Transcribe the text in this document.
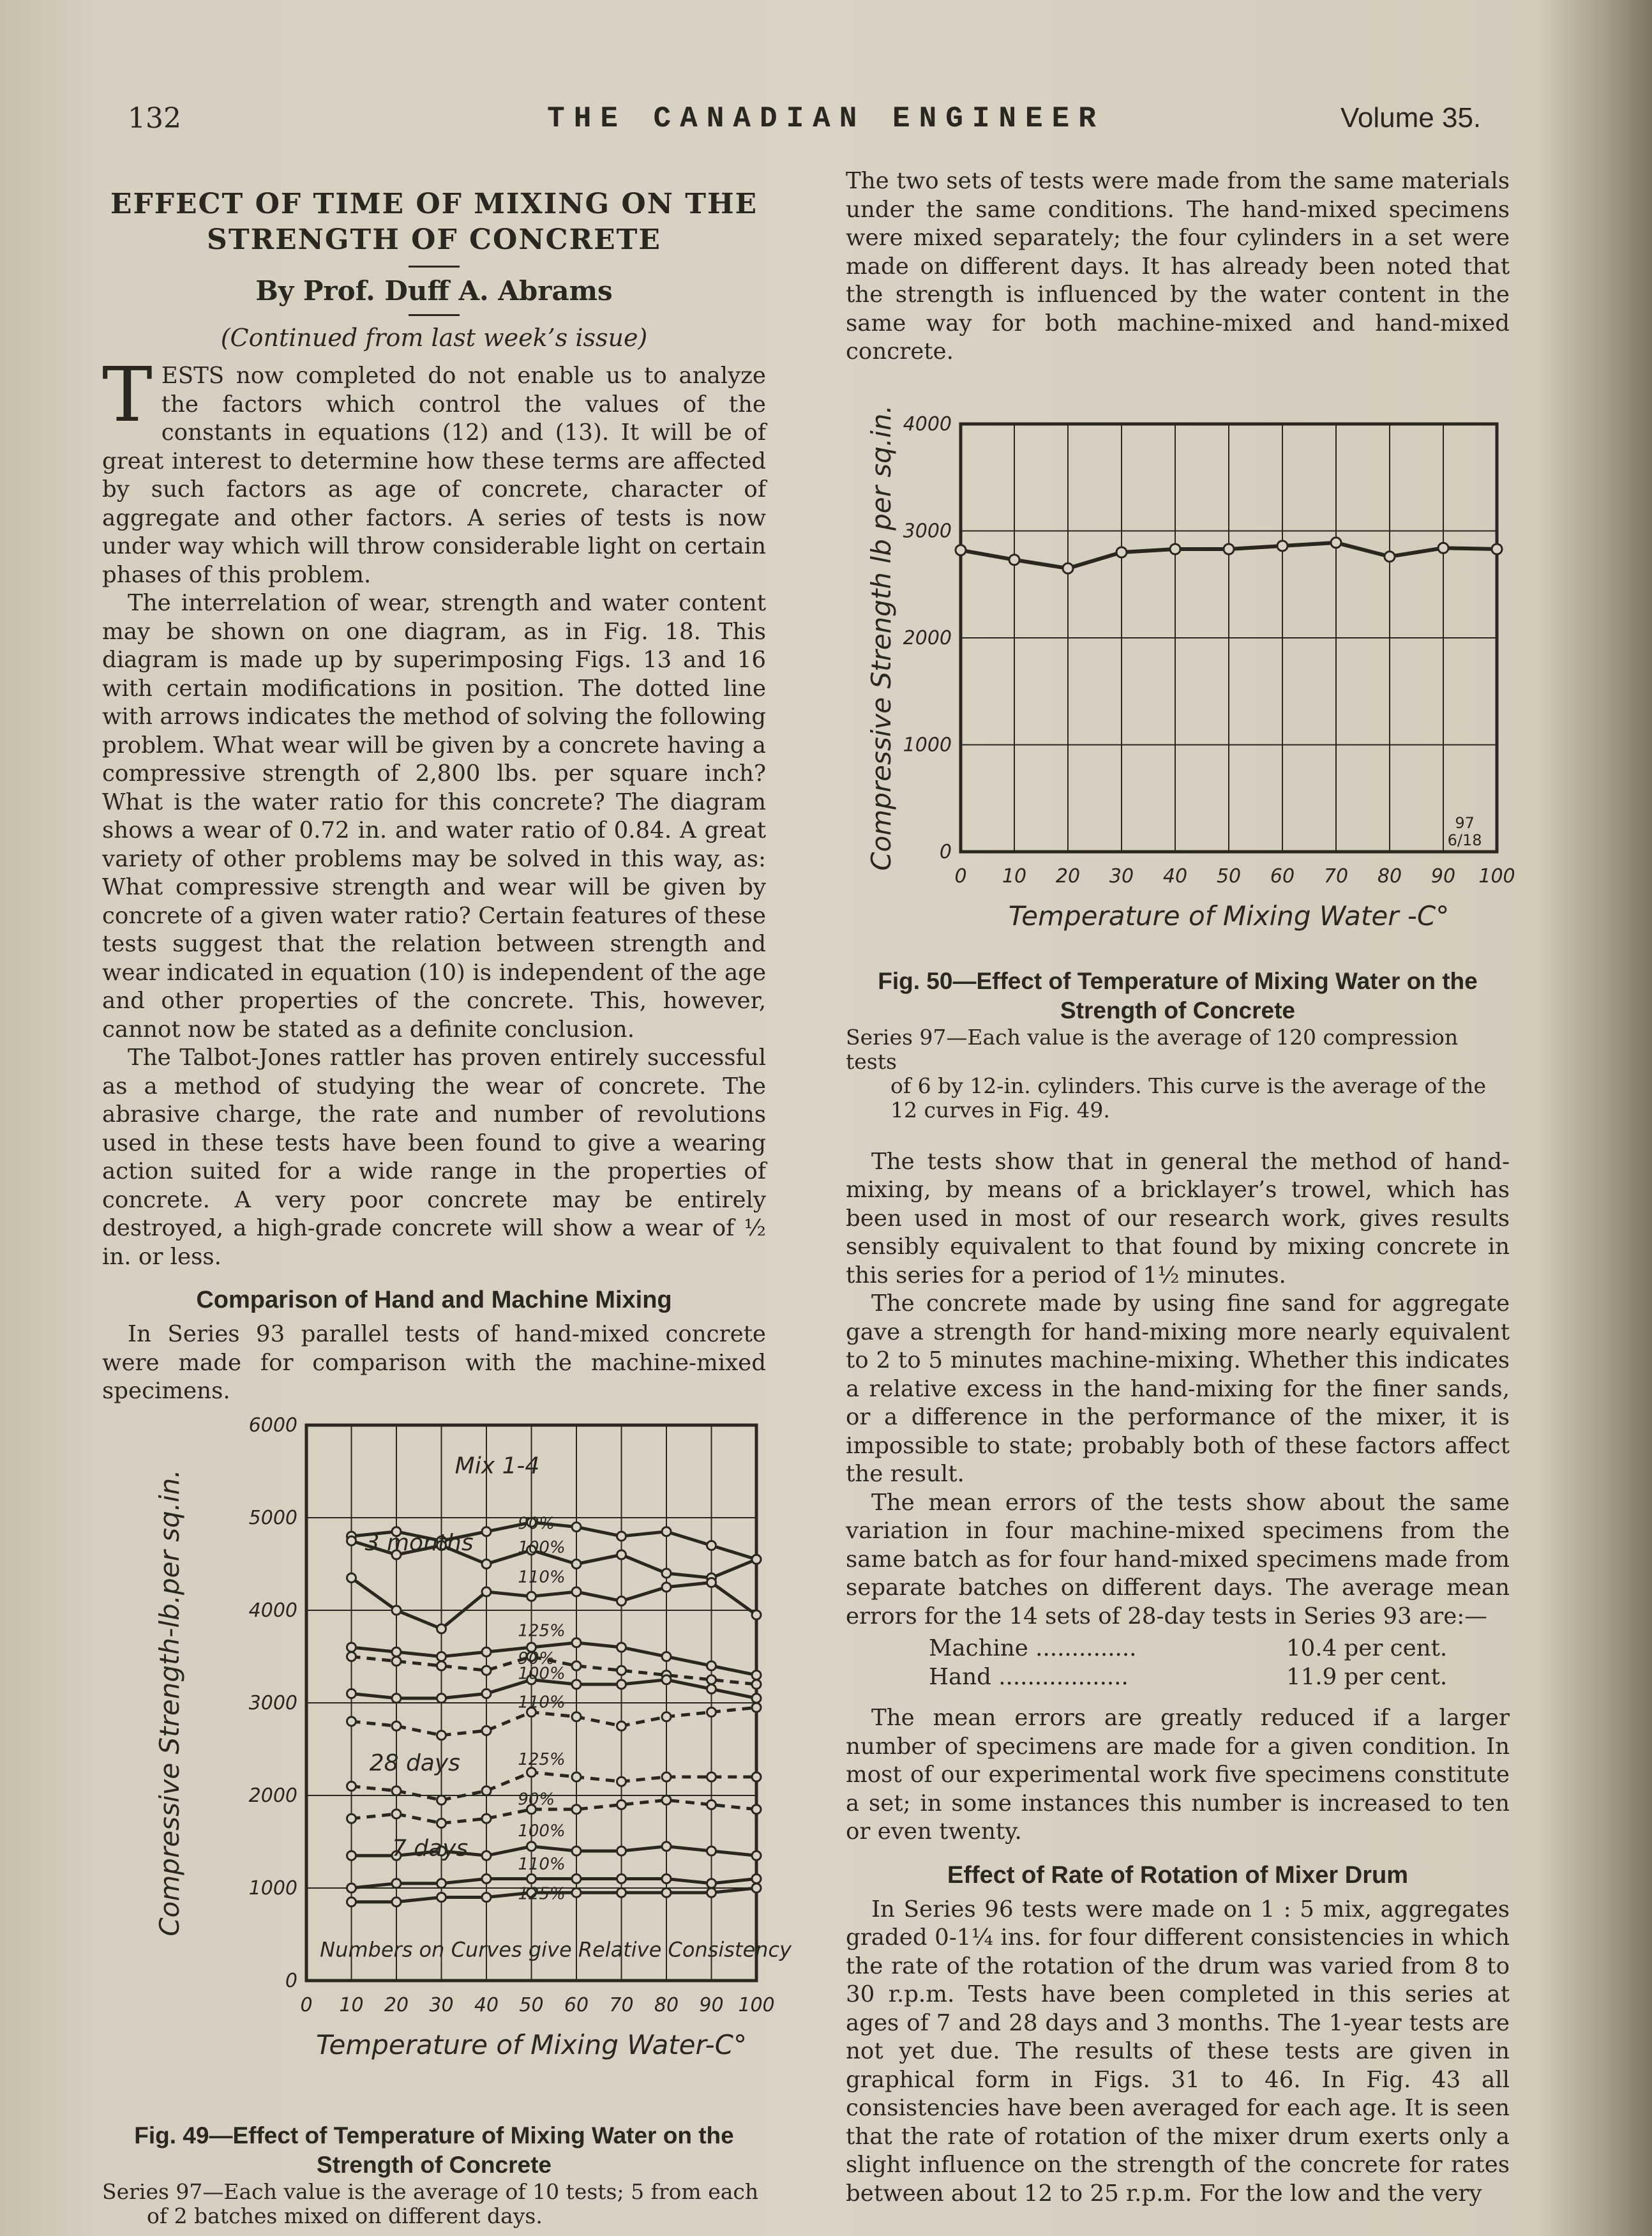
132	THE CANADIAN ENGINEER	Volume 35.
EFFECT OF TIME OF MIXING ON THE
STRENGTH OF CONCRETE
By Prof. Duff A. Abrams
(Continued from last week’s issue)

TESTS now completed do not enable us to analyze the factors which control the values of the constants in equations (12) and (13). It will be of great interest to determine how these terms are affected by such factors as age of concrete, character of aggregate and other factors. A series of tests is now under way which will throw considerable light on certain phases of this problem.

The interrelation of wear, strength and water content may be shown on one diagram, as in Fig. 18. This diagram is made up by superimposing Figs. 13 and 16 with certain modifications in position. The dotted line with arrows indicates the method of solving the following problem. What wear will be given by a concrete having a compressive strength of 2,800 lbs. per square inch? What is the water ratio for this concrete? The diagram shows a wear of 0.72 in. and water ratio of 0.84. A great variety of other problems may be solved in this way, as: What compressive strength and wear will be given by concrete of a given water ratio? Certain features of these tests suggest that the relation between strength and wear indicated in equation (10) is independent of the age and other properties of the concrete. This, however, cannot now be stated as a definite conclusion.

The Talbot-Jones rattler has proven entirely successful as a method of studying the wear of concrete. The abrasive charge, the rate and number of revolutions used in these tests have been found to give a wearing action suited for a wide range in the properties of concrete. A very poor concrete may be entirely destroyed, a high-grade concrete will show a wear of ½ in. or less.

Comparison of Hand and Machine Mixing

In Series 93 parallel tests of hand-mixed concrete were made for comparison with the machine-mixed specimens.

0 10 20 30 40 50 60 70 80 90 100
0
1000
2000
3000
4000
5000
6000
Temperature of Mixing Water-C°
Compressive Strength-lb.per sq.in.
Mix 1-4
3 months
28 days
7 days
90%
100%
110%
125%
90%
100%
110%
125%
90%
100%
110%
125%
Numbers on Curves give Relative Consistency
Fig. 49—Effect of Temperature of Mixing Water on the Strength of Concrete

Series 97—Each value is the average of 10 tests; 5 from each
of 2 batches mixed on different days.

The two sets of tests were made from the same materials under the same conditions. The hand-mixed specimens were mixed separately; the four cylinders in a set were made on different days. It has already been noted that the strength is influenced by the water content in the same way for both machine-mixed and hand-mixed concrete.

0 10 20 30 40 50 60 70 80 90 100
0
1000
2000
3000
4000
Temperature of Mixing Water -C°
Compressive Strength lb per sq.in.	97
6/18
Fig. 50—Effect of Temperature of Mixing Water on the Strength of Concrete

Series 97—Each value is the average of 120 compression tests
of 6 by 12-in. cylinders. This curve is the average of the
12 curves in Fig. 49.

The tests show that in general the method of hand-mixing, by means of a bricklayer’s trowel, which has been used in most of our research work, gives results sensibly equivalent to that found by mixing concrete in this series for a period of 1½ minutes.

The concrete made by using fine sand for aggregate gave a strength for hand-mixing more nearly equivalent to 2 to 5 minutes machine-mixing. Whether this indicates a relative excess in the hand-mixing for the finer sands, or a difference in the performance of the mixer, it is impossible to state; probably both of these factors affect the result.

The mean errors of the tests show about the same variation in four machine-mixed specimens from the same batch as for four hand-mixed specimens made from separate batches on different days. The average mean errors for the 14 sets of 28-day tests in Series 93 are:—

Machine ..............	10.4 per cent.
Hand ..................	11.9 per cent.

The mean errors are greatly reduced if a larger number of specimens are made for a given condition. In most of our experimental work five specimens constitute a set; in some instances this number is increased to ten or even twenty.

Effect of Rate of Rotation of Mixer Drum

In Series 96 tests were made on 1 : 5 mix, aggregates graded 0-1¼ ins. for four different consistencies in which the rate of the rotation of the drum was varied from 8 to 30 r.p.m. Tests have been completed in this series at ages of 7 and 28 days and 3 months. The 1-year tests are not yet due. The results of these tests are given in graphical form in Figs. 31 to 46. In Fig. 43 all consistencies have been averaged for each age. It is seen that the rate of rotation of the mixer drum exerts only a slight influence on the strength of the concrete for rates between about 12 to 25 r.p.m. For the low and the very
